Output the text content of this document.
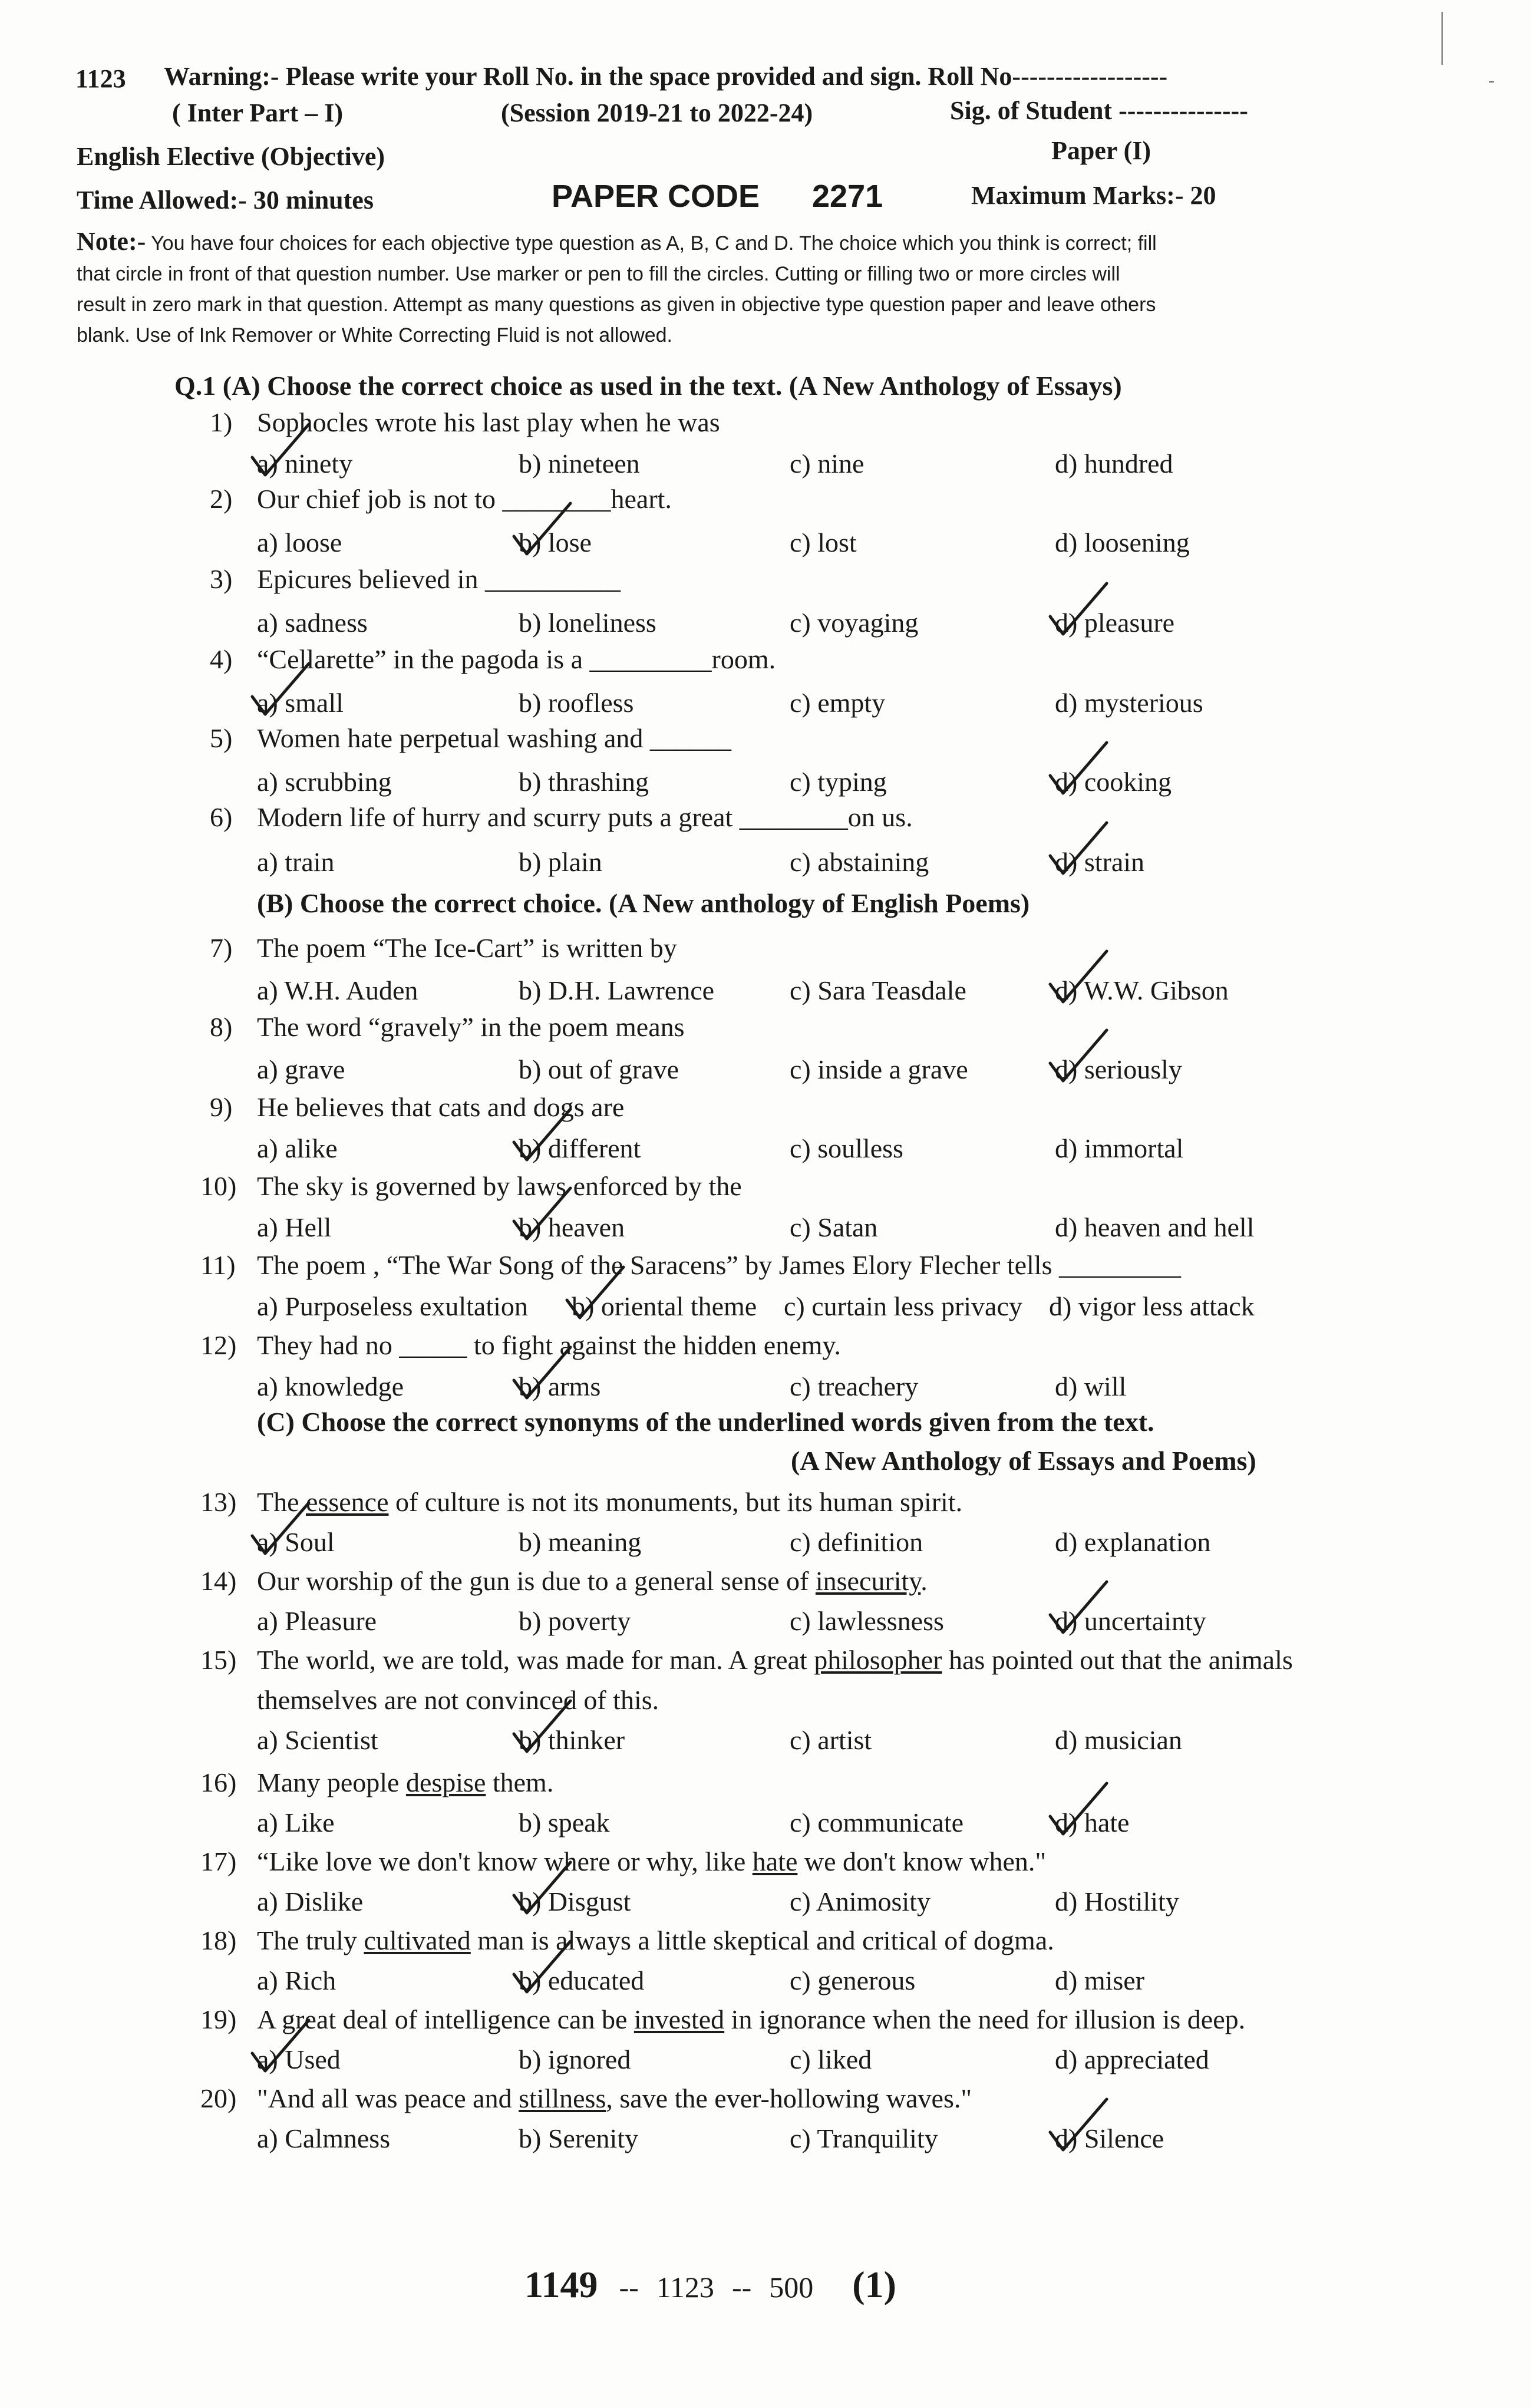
1123 Warning:- Please write your Roll No. in the space provided and sign. Roll No------------------
( Inter Part – I)	(Session 2019-21 to 2022-24)	Sig. of Student ---------------
English Elective (Objective)	Paper (I)
Time Allowed:- 30 minutes	PAPER CODE 2271	Maximum Marks:- 20
Note:- You have four choices for each objective type question as A, B, C and D. The choice which you think is correct; fill
that circle in front of that question number. Use marker or pen to fill the circles. Cutting or filling two or more circles will
result in zero mark in that question. Attempt as many questions as given in objective type question paper and leave others
blank. Use of Ink Remover or White Correcting Fluid is not allowed.
Q.1 (A) Choose the correct choice as used in the text. (A New Anthology of Essays)
1) Sophocles wrote his last play when he was
a) ninety	b) nineteen	c) nine	d) hundred
2) Our chief job is not to ________heart.
a) loose	b) lose	c) lost	d) loosening
3) Epicures believed in __________
a) sadness	b) loneliness	c) voyaging	d) pleasure
4) “Cellarette” in the pagoda is a _________room.
a) small	b) roofless	c) empty	d) mysterious
5) Women hate perpetual washing and ______
a) scrubbing	b) thrashing	c) typing	d) cooking
6) Modern life of hurry and scurry puts a great ________on us.
a) train	b) plain	c) abstaining	d) strain
7) The poem “The Ice-Cart” is written by
a) W.H. Auden	b) D.H. Lawrence	c) Sara Teasdale	d) W.W. Gibson
8) The word “gravely” in the poem means
a) grave	b) out of grave	c) inside a grave	d) seriously
9) He believes that cats and dogs are
a) alike	b) different	c) soulless	d) immortal
10) The sky is governed by laws enforced by the
a) Hell	b) heaven	c) Satan	d) heaven and hell
11) The poem , “The War Song of the Saracens” by James Elory Flecher tells _________
a) Purposeless exultation b) oriental theme c) curtain less privacy d) vigor less attack
12) They had no _____ to fight against the hidden enemy.
a) knowledge	b) arms	c) treachery	d) will
13) The essence of culture is not its monuments, but its human spirit.
a) Soul	b) meaning	c) definition	d) explanation
14) Our worship of the gun is due to a general sense of insecurity.
a) Pleasure	b) poverty	c) lawlessness	d) uncertainty
15) The world, we are told, was made for man. A great philosopher has pointed out that the animals
themselves are not convinced of this.
a) Scientist	b) thinker	c) artist	d) musician
16) Many people despise them.
a) Like	b) speak	c) communicate	d) hate
17) “Like love we don't know where or why, like hate we don't know when."
a) Dislike	b) Disgust	c) Animosity	d) Hostility
18) The truly cultivated man is always a little skeptical and critical of dogma.
a) Rich	b) educated	c) generous	d) miser
19) A great deal of intelligence can be invested in ignorance when the need for illusion is deep.
a) Used	b) ignored	c) liked	d) appreciated
20) "And all was peace and stillness, save the ever-hollowing waves."
a) Calmness	b) Serenity	c) Tranquility	d) Silence
(B) Choose the correct choice. (A New anthology of English Poems)
(C) Choose the correct synonyms of the underlined words given from the text.
(A New Anthology of Essays and Poems)
1149 -- 1123 -- 500 (1)
-
